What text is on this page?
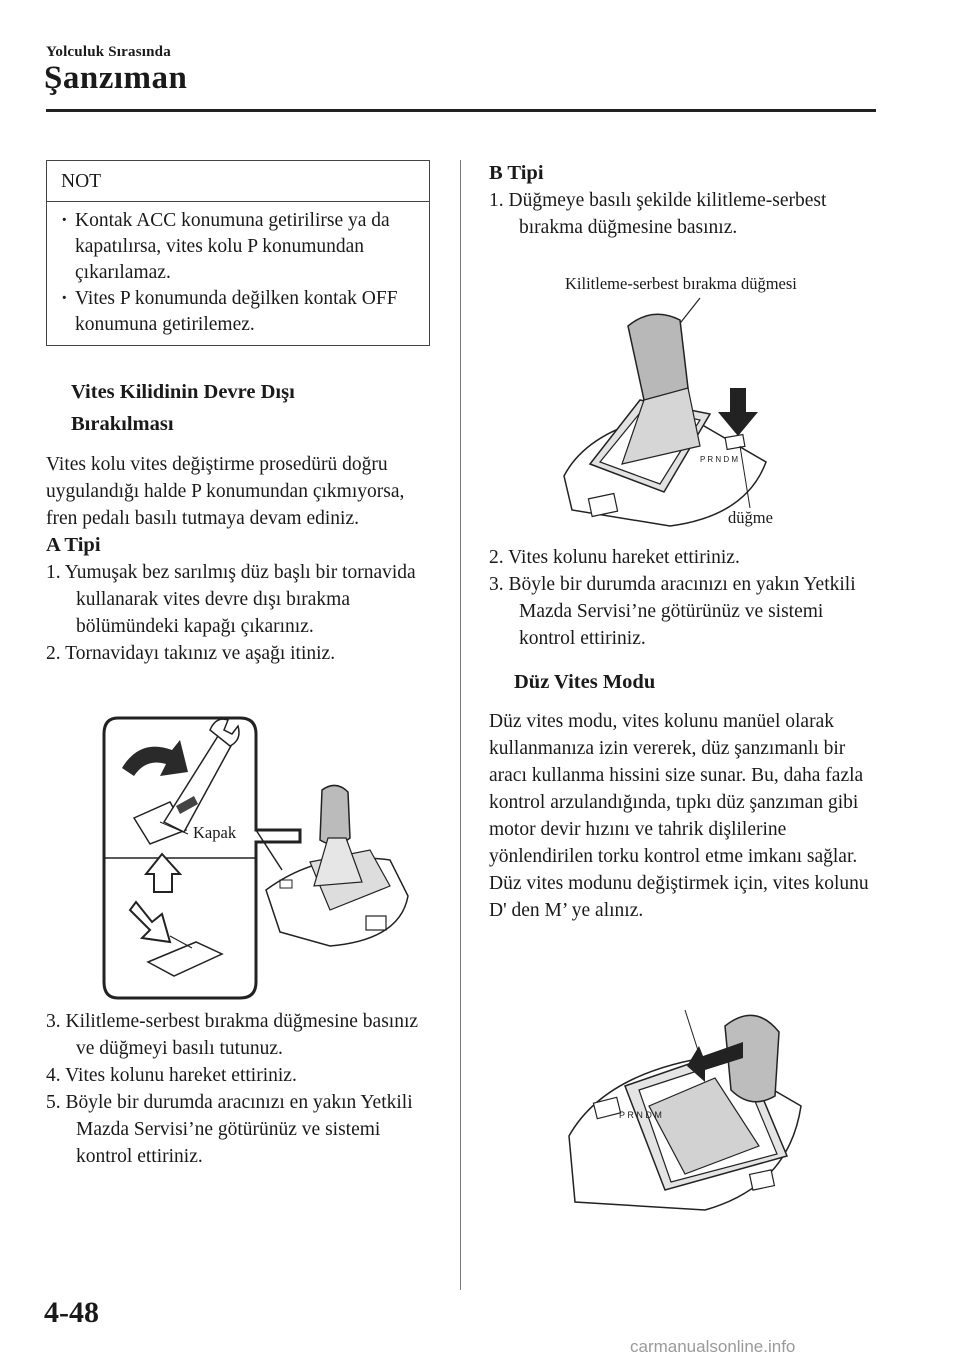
Yolculuk Sırasında
Şanzıman
NOT

· Kontak ACC konumuna getirilirse ya da kapatılırsa, vites kolu P konumundan çıkarılamaz.

· Vites P konumunda değilken kontak OFF konumuna getirilemez.

Vites Kilidinin Devre Dışı
Bırakılması

Vites kolu vites değiştirme prosedürü doğru uygulandığı halde P konumundan çıkmıyorsa, fren pedalı basılı tutmaya devam ediniz.

A Tipi

1. Yumuşak bez sarılmış düz başlı bir tornavida kullanarak vites devre dışı bırakma bölümündeki kapağı çıkarınız.

2. Tornavidayı takınız ve aşağı itiniz.

Kapak

3. Kilitleme-serbest bırakma düğmesine basınız ve düğmeyi basılı tutunuz.

4. Vites kolunu hareket ettiriniz.

5. Böyle bir durumda aracınızı en yakın Yetkili Mazda Servisi’ne götürünüz ve sistemi kontrol ettiriniz.

B Tipi

1. Düğmeye basılı şekilde kilitleme-serbest bırakma düğmesine basınız.

Kilitleme-serbest bırakma düğmesi
P R N D M
düğme

2. Vites kolunu hareket ettiriniz.

3. Böyle bir durumda aracınızı en yakın Yetkili Mazda Servisi’ne götürünüz ve sistemi kontrol ettiriniz.

Düz Vites Modu

Düz vites modu, vites kolunu manüel olarak kullanmanıza izin vererek, düz şanzımanlı bir aracı kullanma hissini size sunar. Bu, daha fazla kontrol arzulandığında, tıpkı düz şanzıman gibi motor devir hızını ve tahrik dişlilerine yönlendirilen torku kontrol etme imkanı sağlar.

Düz vites modunu değiştirmek için, vites kolunu D' den M’ ye alınız.

P R N D M
4-48
carmanualsonline.info
